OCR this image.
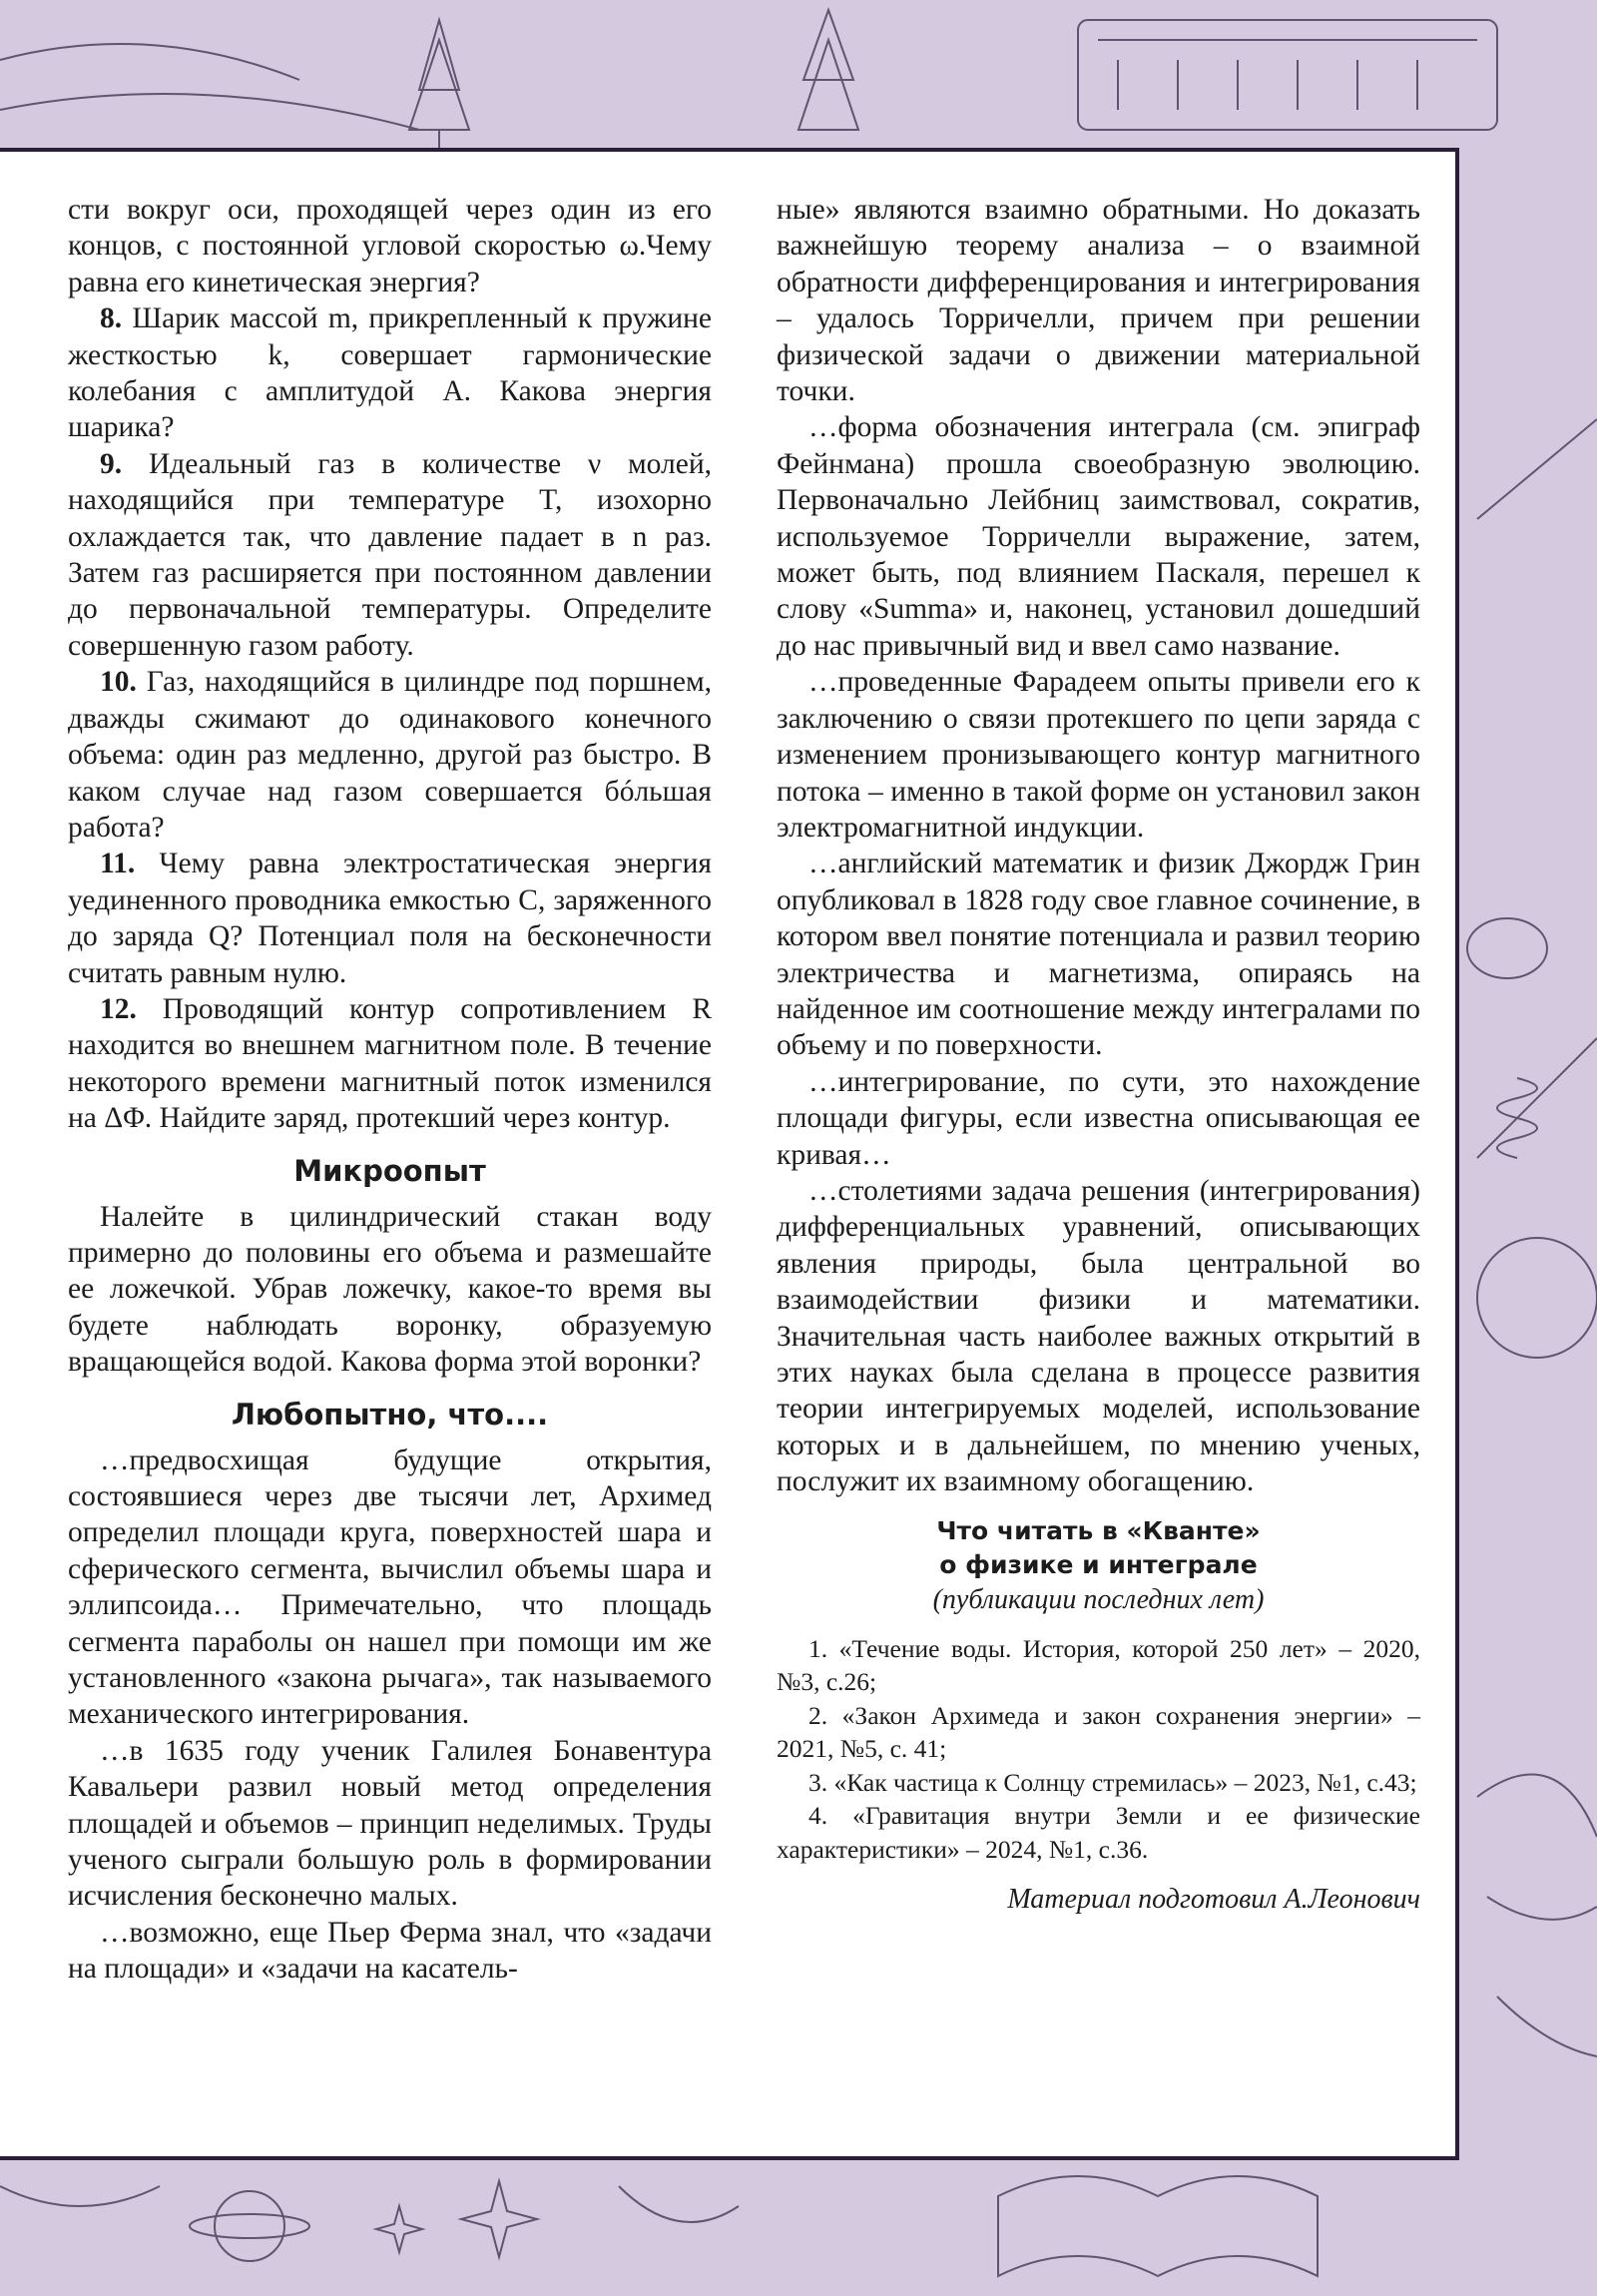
сти вокруг оси, проходящей через один из его концов, с постоянной угловой скоростью ω.Чему равна его кинетическая энергия?

8. Шарик массой m, прикрепленный к пружине жесткостью k, совершает гармонические колебания с амплитудой A. Какова энергия шарика?

9. Идеальный газ в количестве ν молей, находящийся при температуре T, изохорно охлаждается так, что давление падает в n раз. Затем газ расширяется при постоянном давлении до первоначальной температуры. Определите совершенную газом работу.

10. Газ, находящийся в цилиндре под поршнем, дважды сжимают до одинакового конечного объема: один раз медленно, другой раз быстро. В каком случае над газом совершается бóльшая работа?

11. Чему равна электростатическая энергия уединенного проводника емкостью C, заряженного до заряда Q? Потенциал поля на бесконечности считать равным нулю.

12. Проводящий контур сопротивлением R находится во внешнем магнитном поле. В течение некоторого времени магнитный поток изменился на ΔΦ. Найдите заряд, протекший через контур.

Микроопыт

Налейте в цилиндрический стакан воду примерно до половины его объема и размешайте ее ложечкой. Убрав ложечку, какое-то время вы будете наблюдать воронку, образуемую вращающейся водой. Какова форма этой воронки?

Любопытно, что....

…предвосхищая будущие открытия, состоявшиеся через две тысячи лет, Архимед определил площади круга, поверхностей шара и сферического сегмента, вычислил объемы шара и эллипсоида… Примечательно, что площадь сегмента параболы он нашел при помощи им же установленного «закона рычага», так называемого механического интегрирования.

…в 1635 году ученик Галилея Бонавентура Кавальери развил новый метод определения площадей и объемов – принцип неделимых. Труды ученого сыграли большую роль в формировании исчисления бесконечно малых.

…возможно, еще Пьер Ферма знал, что «задачи на площади» и «задачи на касатель-

ные» являются взаимно обратными. Но доказать важнейшую теорему анализа – о взаимной обратности дифференцирования и интегрирования – удалось Торричелли, причем при решении физической задачи о движении материальной точки.

…форма обозначения интеграла (см. эпиграф Фейнмана) прошла своеобразную эволюцию. Первоначально Лейбниц заимствовал, сократив, используемое Торричелли выражение, затем, может быть, под влиянием Паскаля, перешел к слову «Summa» и, наконец, установил дошедший до нас привычный вид и ввел само название.

…проведенные Фарадеем опыты привели его к заключению о связи протекшего по цепи заряда с изменением пронизывающего контур магнитного потока – именно в такой форме он установил закон электромагнитной индукции.

…английский математик и физик Джордж Грин опубликовал в 1828 году свое главное сочинение, в котором ввел понятие потенциала и развил теорию электричества и магнетизма, опираясь на найденное им соотношение между интегралами по объему и по поверхности.

…интегрирование, по сути, это нахождение площади фигуры, если известна описывающая ее кривая…

…столетиями задача решения (интегрирования) дифференциальных уравнений, описывающих явления природы, была центральной во взаимодействии физики и математики. Значительная часть наиболее важных открытий в этих науках была сделана в процессе развития теории интегрируемых моделей, использование которых и в дальнейшем, по мнению ученых, послужит их взаимному обогащению.

Что читать в «Кванте»
о физике и интеграле
(публикации последних лет)

1. «Течение воды. История, которой 250 лет» – 2020, №3, с.26;

2. «Закон Архимеда и закон сохранения энергии» – 2021, №5, с. 41;

3. «Как частица к Солнцу стремилась» – 2023, №1, с.43;

4. «Гравитация внутри Земли и ее физические характеристики» – 2024, №1, с.36.

Материал подготовил А.Леонович
